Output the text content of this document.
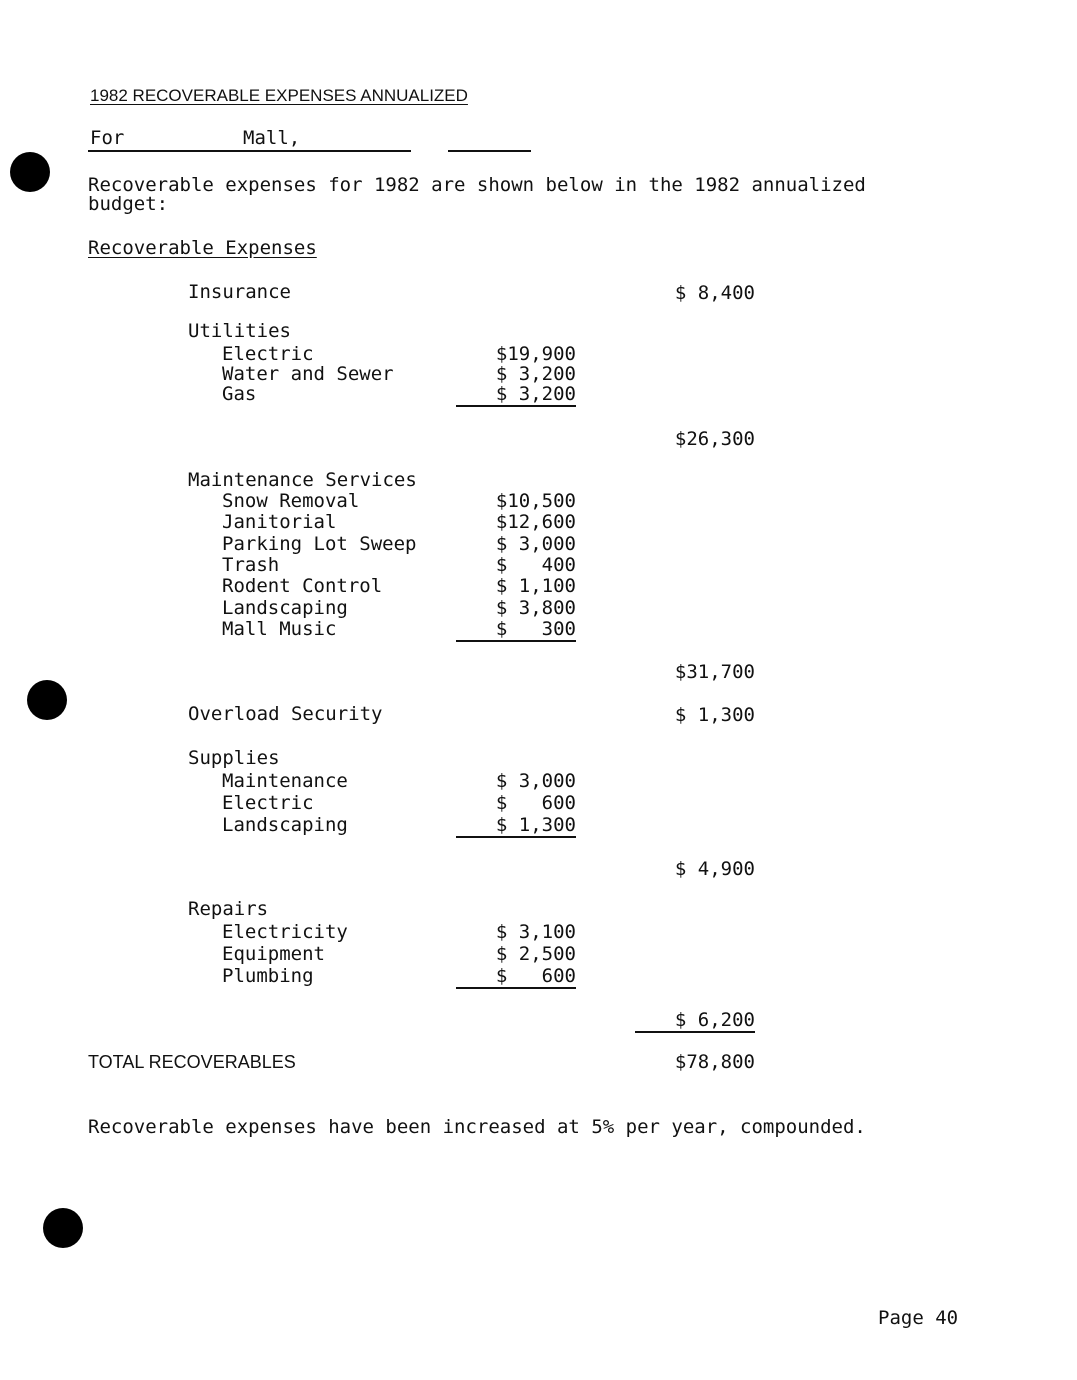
1982 RECOVERABLE EXPENSES ANNUALIZED
For	Mall,
Recoverable expenses for 1982 are shown below in the 1982 annualized
budget:
Recoverable Expenses
Insurance	$ 8,400
Utilities
Electric	$19,900
Water and Sewer	$ 3,200
Gas	$ 3,200
$26,300
Maintenance Services
Snow Removal	$10,500
Janitorial	$12,600
Parking Lot Sweep	$ 3,000
Trash	$   400
Rodent Control	$ 1,100
Landscaping	$ 3,800
Mall Music	$   300
$31,700
Overload Security	$ 1,300
Supplies
Maintenance	$ 3,000
Electric	$   600
Landscaping	$ 1,300
$ 4,900
Repairs
Electricity	$ 3,100
Equipment	$ 2,500
Plumbing	$   600
$ 6,200
TOTAL RECOVERABLES	$78,800
Recoverable expenses have been increased at 5% per year, compounded.
Page 40
